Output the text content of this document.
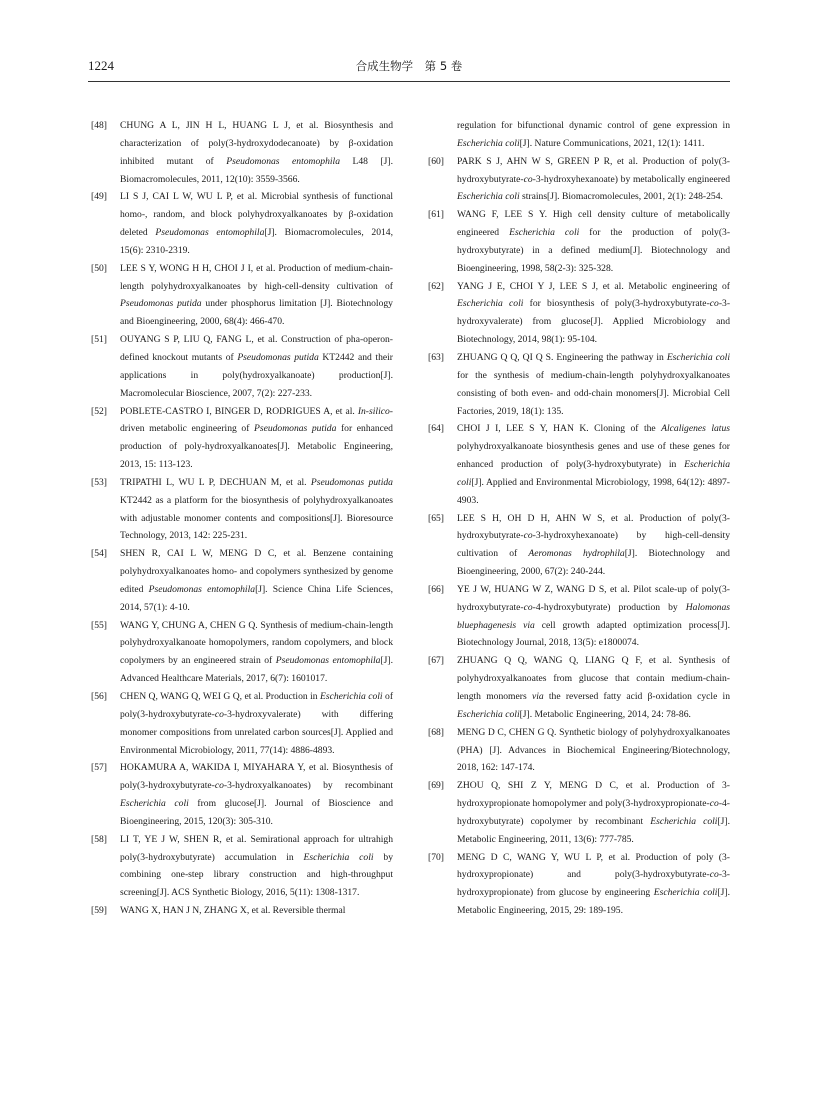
1224	合成生物学　第 5 卷

[48] CHUNG A L, JIN H L, HUANG L J, et al. Biosynthesis and characterization of poly(3-hydroxydodecanoate) by β-oxidation inhibited mutant of Pseudomonas entomophila L48 [J]. Biomacromolecules, 2011, 12(10): 3559-3566.

[49] LI S J, CAI L W, WU L P, et al. Microbial synthesis of functional homo-, random, and block polyhydroxyalkanoates by β-oxidation deleted Pseudomonas entomophila[J]. Biomacromolecules, 2014, 15(6): 2310-2319.

[50] LEE S Y, WONG H H, CHOI J I, et al. Production of medium-chain-length polyhydroxyalkanoates by high-cell-density cultivation of Pseudomonas putida under phosphorus limitation [J]. Biotechnology and Bioengineering, 2000, 68(4): 466-470.

[51] OUYANG S P, LIU Q, FANG L, et al. Construction of pha-operon-defined knockout mutants of Pseudomonas putida KT2442 and their applications in poly(hydroxyalkanoate) production[J]. Macromolecular Bioscience, 2007, 7(2): 227-233.

[52] POBLETE-CASTRO I, BINGER D, RODRIGUES A, et al. In-silico-driven metabolic engineering of Pseudomonas putida for enhanced production of poly-hydroxyalkanoates[J]. Metabolic Engineering, 2013, 15: 113-123.

[53] TRIPATHI L, WU L P, DECHUAN M, et al. Pseudomonas putida KT2442 as a platform for the biosynthesis of polyhydroxyalkanoates with adjustable monomer contents and compositions[J]. Bioresource Technology, 2013, 142: 225-231.

[54] SHEN R, CAI L W, MENG D C, et al. Benzene containing polyhydroxyalkanoates homo- and copolymers synthesized by genome edited Pseudomonas entomophila[J]. Science China Life Sciences, 2014, 57(1): 4-10.

[55] WANG Y, CHUNG A, CHEN G Q. Synthesis of medium-chain-length polyhydroxyalkanoate homopolymers, random copolymers, and block copolymers by an engineered strain of Pseudomonas entomophila[J]. Advanced Healthcare Materials, 2017, 6(7): 1601017.

[56] CHEN Q, WANG Q, WEI G Q, et al. Production in Escherichia coli of poly(3-hydroxybutyrate-co-3-hydroxyvalerate) with differing monomer compositions from unrelated carbon sources[J]. Applied and Environmental Microbiology, 2011, 77(14): 4886-4893.

[57] HOKAMURA A, WAKIDA I, MIYAHARA Y, et al. Biosynthesis of poly(3-hydroxybutyrate-co-3-hydroxyalkanoates) by recombinant Escherichia coli from glucose[J]. Journal of Bioscience and Bioengineering, 2015, 120(3): 305-310.

[58] LI T, YE J W, SHEN R, et al. Semirational approach for ultrahigh poly(3-hydroxybutyrate) accumulation in Escherichia coli by combining one-step library construction and high-throughput screening[J]. ACS Synthetic Biology, 2016, 5(11): 1308-1317.

[59] WANG X, HAN J N, ZHANG X, et al. Reversible thermal

regulation for bifunctional dynamic control of gene expression in Escherichia coli[J]. Nature Communications, 2021, 12(1): 1411.

[60] PARK S J, AHN W S, GREEN P R, et al. Production of poly(3-hydroxybutyrate-co-3-hydroxyhexanoate) by metabolically engineered Escherichia coli strains[J]. Biomacromolecules, 2001, 2(1): 248-254.

[61] WANG F, LEE S Y. High cell density culture of metabolically engineered Escherichia coli for the production of poly(3-hydroxybutyrate) in a defined medium[J]. Biotechnology and Bioengineering, 1998, 58(2-3): 325-328.

[62] YANG J E, CHOI Y J, LEE S J, et al. Metabolic engineering of Escherichia coli for biosynthesis of poly(3-hydroxybutyrate-co-3-hydroxyvalerate) from glucose[J]. Applied Microbiology and Biotechnology, 2014, 98(1): 95-104.

[63] ZHUANG Q Q, QI Q S. Engineering the pathway in Escherichia coli for the synthesis of medium-chain-length polyhydroxyalkanoates consisting of both even- and odd-chain monomers[J]. Microbial Cell Factories, 2019, 18(1): 135.

[64] CHOI J I, LEE S Y, HAN K. Cloning of the Alcaligenes latus polyhydroxyalkanoate biosynthesis genes and use of these genes for enhanced production of poly(3-hydroxybutyrate) in Escherichia coli[J]. Applied and Environmental Microbiology, 1998, 64(12): 4897-4903.

[65] LEE S H, OH D H, AHN W S, et al. Production of poly(3-hydroxybutyrate-co-3-hydroxyhexanoate) by high-cell-density cultivation of Aeromonas hydrophila[J]. Biotechnology and Bioengineering, 2000, 67(2): 240-244.

[66] YE J W, HUANG W Z, WANG D S, et al. Pilot scale-up of poly(3-hydroxybutyrate-co-4-hydroxybutyrate) production by Halomonas bluephagenesis via cell growth adapted optimization process[J]. Biotechnology Journal, 2018, 13(5): e1800074.

[67] ZHUANG Q Q, WANG Q, LIANG Q F, et al. Synthesis of polyhydroxyalkanoates from glucose that contain medium-chain-length monomers via the reversed fatty acid β-oxidation cycle in Escherichia coli[J]. Metabolic Engineering, 2014, 24: 78-86.

[68] MENG D C, CHEN G Q. Synthetic biology of polyhydroxyalkanoates (PHA) [J]. Advances in Biochemical Engineering/Biotechnology, 2018, 162: 147-174.

[69] ZHOU Q, SHI Z Y, MENG D C, et al. Production of 3-hydroxypropionate homopolymer and poly(3-hydroxypropionate-co-4-hydroxybutyrate) copolymer by recombinant Escherichia coli[J]. Metabolic Engineering, 2011, 13(6): 777-785.

[70] MENG D C, WANG Y, WU L P, et al. Production of poly (3-hydroxypropionate) and poly(3-hydroxybutyrate-co-3-hydroxypropionate) from glucose by engineering Escherichia coli[J]. Metabolic Engineering, 2015, 29: 189-195.
